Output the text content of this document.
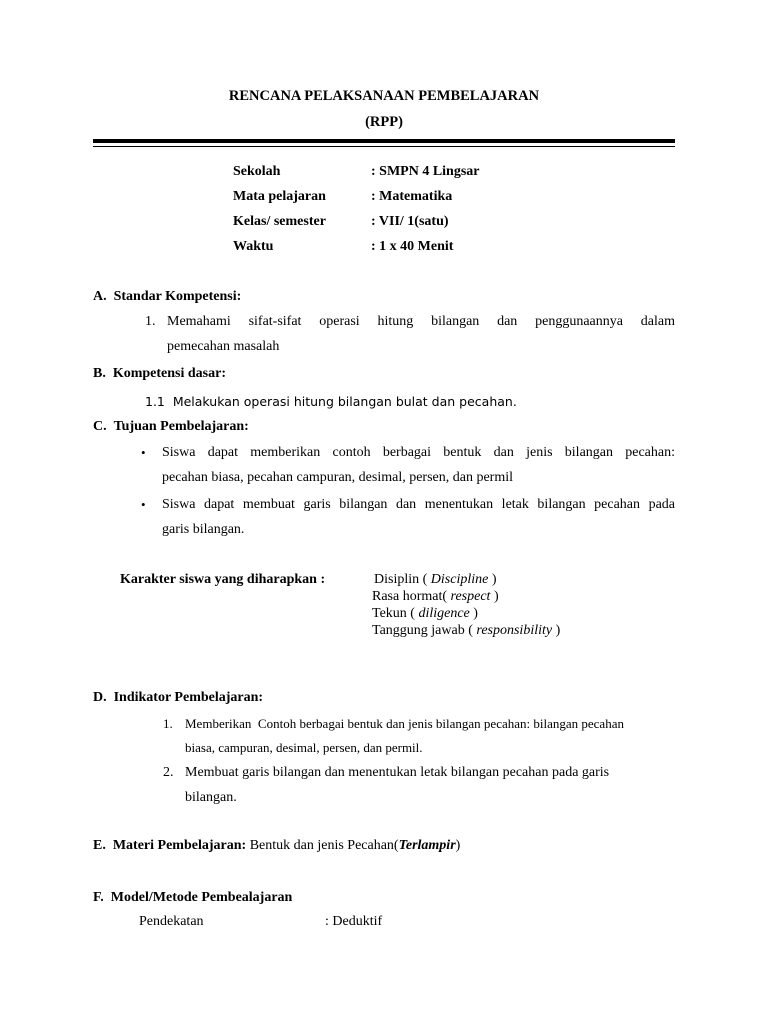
RENCANA PELAKSANAAN PEMBELAJARAN
(RPP)
Sekolah	: SMPN 4 Lingsar
Mata pelajaran	: Matematika
Kelas/ semester	: VII/ 1(satu)
Waktu	: 1 x 40 Menit
A.  Standar Kompetensi:
1. Memahami sifat-sifat operasi hitung bilangan dan penggunaannya dalam
pemecahan masalah
B.  Kompetensi dasar:
1.1  Melakukan operasi hitung bilangan bulat dan pecahan.
C.  Tujuan Pembelajaran:
• Siswa dapat memberikan contoh berbagai bentuk dan jenis bilangan pecahan:
pecahan biasa, pecahan campuran, desimal, persen, dan permil
• Siswa dapat membuat garis bilangan dan menentukan letak bilangan pecahan pada
garis bilangan.
Karakter siswa yang diharapkan :	Disiplin ( Discipline )
Rasa hormat( respect )
Tekun ( diligence )
Tanggung jawab ( responsibility )
D.  Indikator Pembelajaran:
1. Memberikan  Contoh berbagai bentuk dan jenis bilangan pecahan: bilangan pecahan
biasa, campuran, desimal, persen, dan permil.
2. Membuat garis bilangan dan menentukan letak bilangan pecahan pada garis
bilangan.
E.  Materi Pembelajaran: Bentuk dan jenis Pecahan(Terlampir)
F.  Model/Metode Pembealajaran
Pendekatan	: Deduktif
